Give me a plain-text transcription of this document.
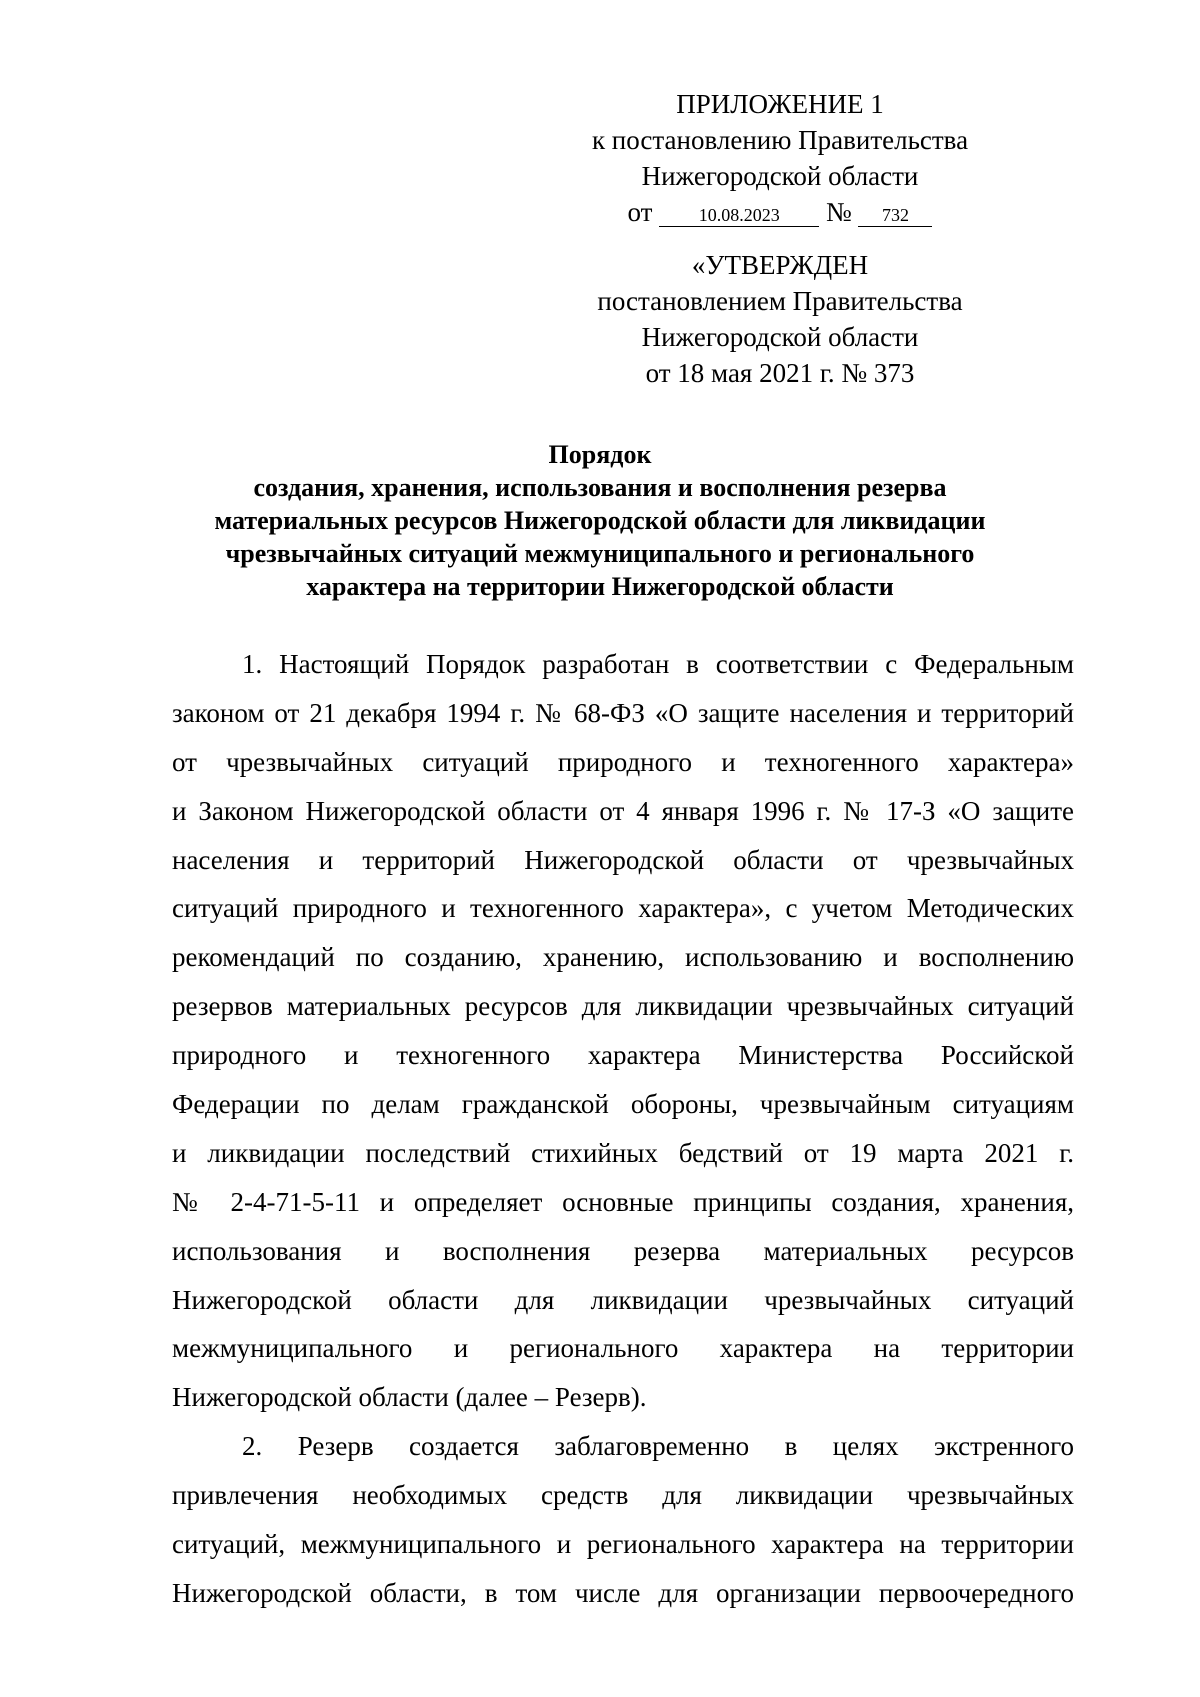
ПРИЛОЖЕНИЕ 1
к постановлению Правительства
Нижегородской области
от	10.08.2023 № 732
«УТВЕРЖДЕН
постановлением Правительства
Нижегородской области
от 18 мая 2021 г. № 373
Порядок
создания, хранения, использования и восполнения резерва
материальных ресурсов Нижегородской области для ликвидации
чрезвычайных ситуаций межмуниципального и регионального
характера на территории Нижегородской области
1. Настоящий Порядок разработан в соответствии с Федеральным
законом от 21 декабря 1994 г. № 68-ФЗ «О защите населения и территорий
от чрезвычайных ситуаций природного и техногенного характера»
и Законом Нижегородской области от 4 января 1996 г. № 17-З «О защите
населения и территорий Нижегородской области от чрезвычайных
ситуаций природного и техногенного характера», с учетом Методических
рекомендаций по созданию, хранению, использованию и восполнению
резервов материальных ресурсов для ликвидации чрезвычайных ситуаций
природного и техногенного характера Министерства Российской
Федерации по делам гражданской обороны, чрезвычайным ситуациям
и ликвидации последствий стихийных бедствий от 19 марта 2021 г.
№ 2-4-71-5-11 и определяет основные принципы создания, хранения,
использования и восполнения резерва материальных ресурсов
Нижегородской области для ликвидации чрезвычайных ситуаций
межмуниципального и регионального характера на территории
Нижегородской области (далее – Резерв).
2. Резерв создается заблаговременно в целях экстренного
привлечения необходимых средств для ликвидации чрезвычайных
ситуаций, межмуниципального и регионального характера на территории
Нижегородской области, в том числе для организации первоочередного
